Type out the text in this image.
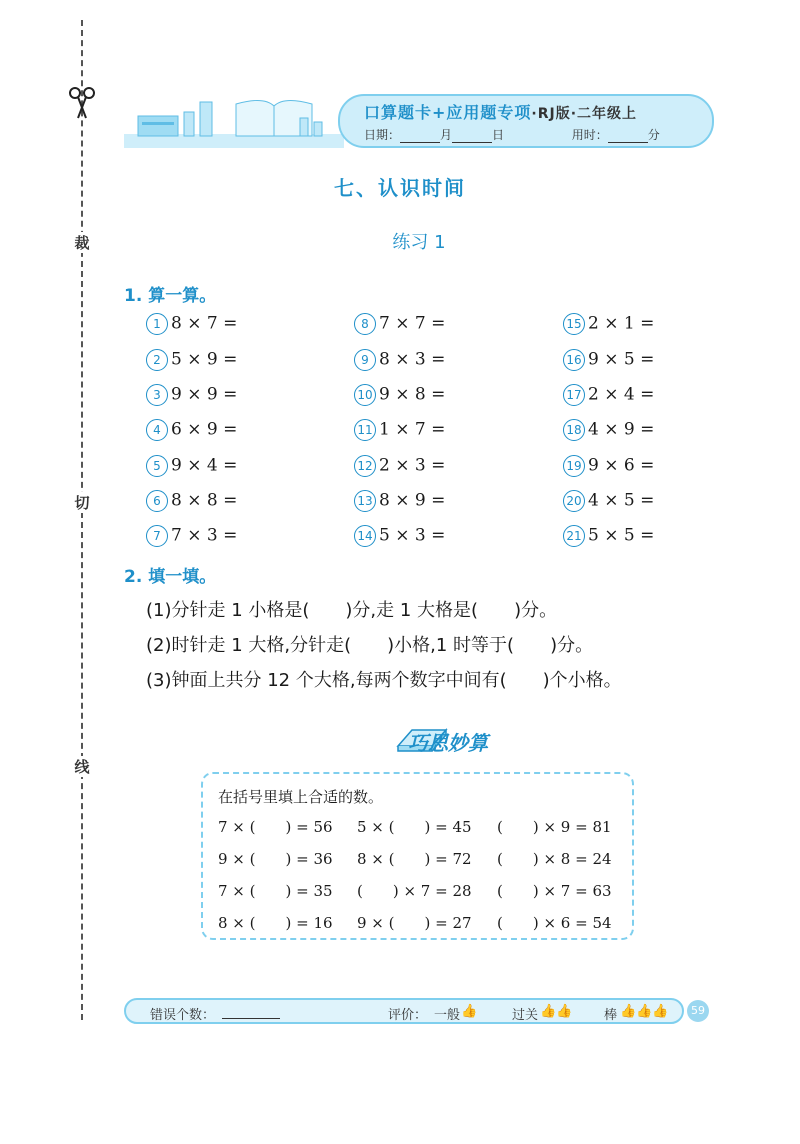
裁
切
线
口算题卡+应用题专项·RJ版·二年级上
日期：	月	日	用时：	分
七、认识时间
练习 1
1. 算一算。
1 8 × 7 =
2 5 × 9 =
3 9 × 9 =
4 6 × 9 =
5 9 × 4 =
6 8 × 8 =
7 7 × 3 =
8 7 × 7 =
9 8 × 3 =
10 9 × 8 =
11 1 × 7 =
12 2 × 3 =
13 8 × 9 =
14 5 × 3 =
15 2 × 1 =
16 9 × 5 =
17 2 × 4 =
18 4 × 9 =
19 9 × 6 =
20 4 × 5 =
21 5 × 5 =
2. 填一填。
(1)分针走 1 小格是(　　)分,走 1 大格是(　　)分。
(2)时针走 1 大格,分针走(　　)小格,1 时等于(　　)分。
(3)钟面上共分 12 个大格,每两个数字中间有(　　)个小格。
巧思妙算
在括号里填上合适的数。
7 × (　　) = 56 5 × (　　) = 45 (　　) × 9 = 81
9 × (　　) = 36 8 × (　　) = 72 (　　) × 8 = 24
7 × (　　) = 35 (　　) × 7 = 28 (　　) × 7 = 63
8 × (　　) = 16 9 × (　　) = 27 (　　) × 6 = 54
错误个数：	评价： 一般 👍	过关 👍👍 棒 👍👍👍	59
